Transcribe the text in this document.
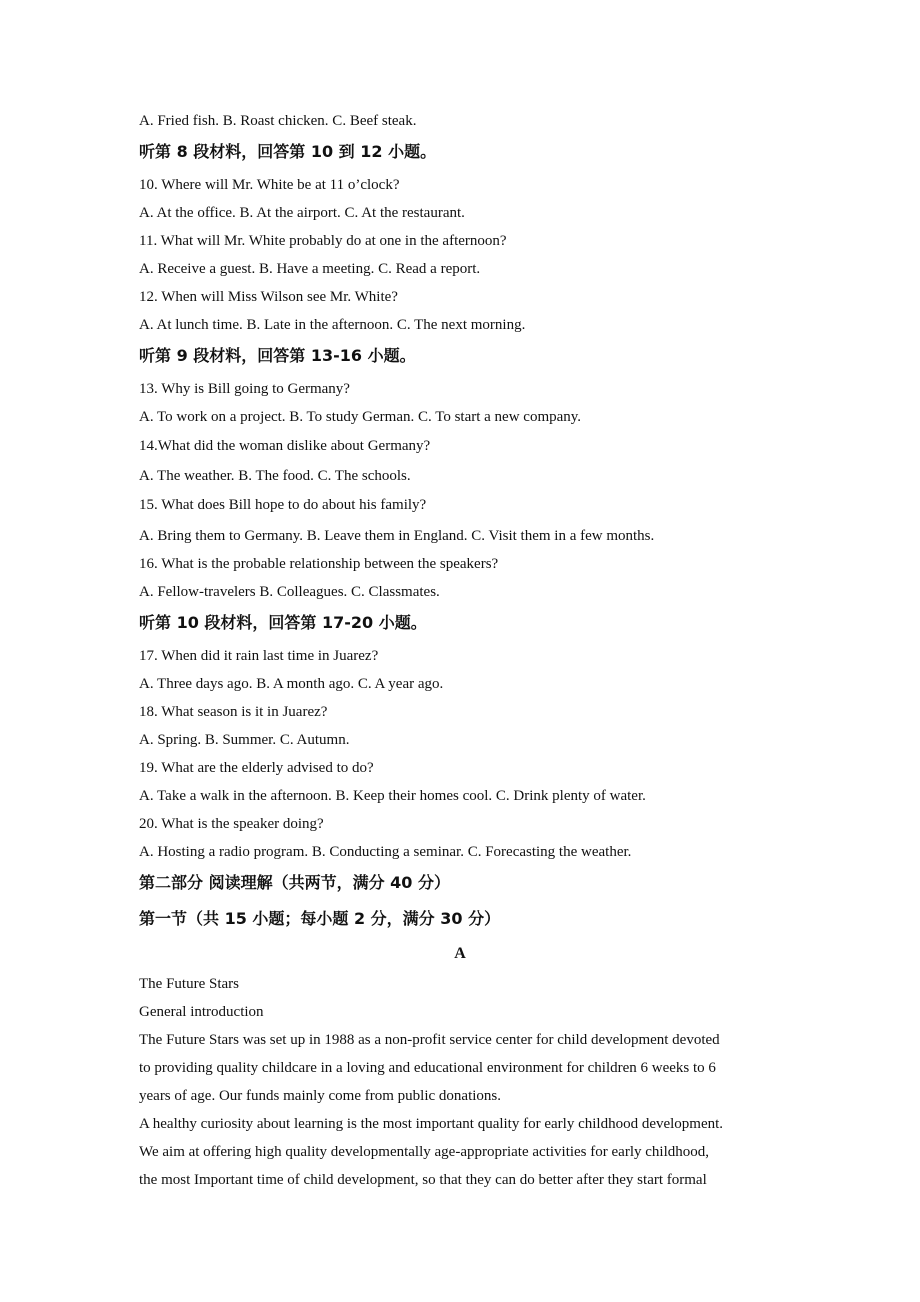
A. Fried fish. B. Roast chicken. C. Beef steak.
听第 8 段材料，回答第 10 到 12 小题。
10. Where will Mr. White be at 11 o’clock?
A. At the office. B. At the airport. C. At the restaurant.
11. What will Mr. White probably do at one in the afternoon?
A. Receive a guest. B. Have a meeting. C. Read a report.
12. When will Miss Wilson see Mr. White?
A. At lunch time. B. Late in the afternoon. C. The next morning.
听第 9 段材料，回答第 13-16 小题。
13. Why is Bill going to Germany?
A. To work on a project. B. To study German. C. To start a new company.
14.What did the woman dislike about Germany?
A. The weather. B. The food. C. The schools.
15. What does Bill hope to do about his family?
A. Bring them to Germany. B. Leave them in England. C. Visit them in a few months.
16. What is the probable relationship between the speakers?
A. Fellow-travelers B. Colleagues. C. Classmates.
听第 10 段材料，回答第 17-20 小题。
17. When did it rain last time in Juarez?
A. Three days ago. B. A month ago. C. A year ago.
18. What season is it in Juarez?
A. Spring. B. Summer. C. Autumn.
19. What are the elderly advised to do?
A. Take a walk in the afternoon. B. Keep their homes cool. C. Drink plenty of water.
20. What is the speaker doing?
A. Hosting a radio program. B. Conducting a seminar. C. Forecasting the weather.
第二部分 阅读理解（共两节，满分 40 分）
第一节（共 15 小题；每小题 2 分，满分 30 分）
A
The Future Stars
General introduction
The Future Stars was set up in 1988 as a non-profit service center for child development devoted
to providing quality childcare in a loving and educational environment for children 6 weeks to 6
years of age. Our funds mainly come from public donations.
A healthy curiosity about learning is the most important quality for early childhood development.
We aim at offering high quality developmentally age-appropriate activities for early childhood,
the most Important time of child development, so that they can do better after they start formal
